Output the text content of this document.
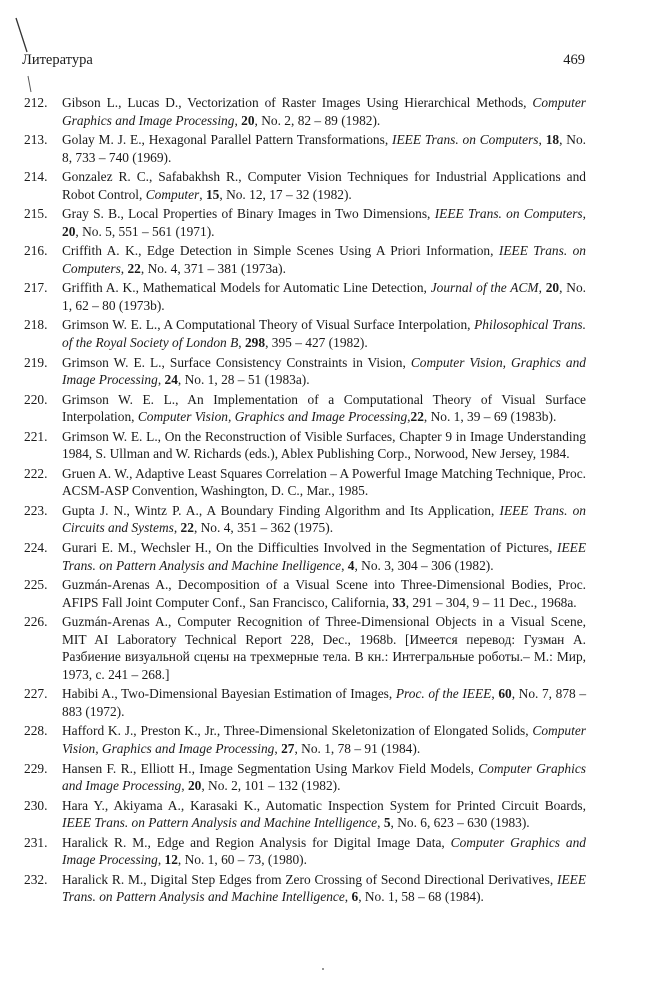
Литература	469
212. Gibson L., Lucas D., Vectorization of Raster Images Using Hierarchical Methods, Computer Graphics and Image Processing, 20, No. 2, 82 – 89 (1982).
213. Golay M. J. E., Hexagonal Parallel Pattern Transformations, IEEE Trans. on Computers, 18, No. 8, 733 – 740 (1969).
214. Gonzalez R. C., Safabakhsh R., Computer Vision Techniques for Industrial Applications and Robot Control, Computer, 15, No. 12, 17 – 32 (1982).
215. Gray S. B., Local Properties of Binary Images in Two Dimensions, IEEE Trans. on Computers, 20, No. 5, 551 – 561 (1971).
216. Criffith A. K., Edge Detection in Simple Scenes Using A Priori Information, IEEE Trans. on Computers, 22, No. 4, 371 – 381 (1973a).
217. Griffith A. K., Mathematical Models for Automatic Line Detection, Journal of the ACM, 20, No. 1, 62 – 80 (1973b).
218. Grimson W. E. L., A Computational Theory of Visual Surface Interpolation, Philosophical Trans. of the Royal Society of London B, 298, 395 – 427 (1982).
219. Grimson W. E. L., Surface Consistency Constraints in Vision, Computer Vision, Graphics and Image Processing, 24, No. 1, 28 – 51 (1983a).
220. Grimson W. E. L., An Implementation of a Computational Theory of Visual Surface Interpolation, Computer Vision, Graphics and Image Processing,22, No. 1, 39 – 69 (1983b).
221. Grimson W. E. L., On the Reconstruction of Visible Surfaces, Chapter 9 in Image Understanding 1984, S. Ullman and W. Richards (eds.), Ablex Publishing Corp., Norwood, New Jersey, 1984.
222. Gruen A. W., Adaptive Least Squares Correlation – A Powerful Image Matching Technique, Proc. ACSM-ASP Convention, Washington, D. C., Mar., 1985.
223. Gupta J. N., Wintz P. A., A Boundary Finding Algorithm and Its Application, IEEE Trans. on Circuits and Systems, 22, No. 4, 351 – 362 (1975).
224. Gurari E. M., Wechsler H., On the Difficulties Involved in the Segmentation of Pictures, IEEE Trans. on Pattern Analysis and Machine Inelligence, 4, No. 3, 304 – 306 (1982).
225. Guzmán-Arenas A., Decomposition of a Visual Scene into Three-Dimensional Bodies, Proc. AFIPS Fall Joint Computer Conf., San Francisco, California, 33, 291 – 304, 9 – 11 Dec., 1968a.
226. Guzmán-Arenas A., Computer Recognition of Three-Dimensional Objects in a Visual Scene, MIT AI Laboratory Technical Report 228, Dec., 1968b. [Имеется перевод: Гузман А. Разбиение визуальной сцены на трехмерные тела. В кн.: Интегральные роботы.– М.: Мир, 1973, с. 241 – 268.]
227. Habibi A., Two-Dimensional Bayesian Estimation of Images, Proc. of the IEEE, 60, No. 7, 878 – 883 (1972).
228. Hafford K. J., Preston K., Jr., Three-Dimensional Skeletonization of Elongated Solids, Computer Vision, Graphics and Image Processing, 27, No. 1, 78 – 91 (1984).
229. Hansen F. R., Elliott H., Image Segmentation Using Markov Field Models, Computer Graphics and Image Processing, 20, No. 2, 101 – 132 (1982).
230. Hara Y., Akiyama A., Karasaki K., Automatic Inspection System for Printed Circuit Boards, IEEE Trans. on Pattern Analysis and Machine Intelligence, 5, No. 6, 623 – 630 (1983).
231. Haralick R. M., Edge and Region Analysis for Digital Image Data, Computer Graphics and Image Processing, 12, No. 1, 60 – 73, (1980).
232. Haralick R. M., Digital Step Edges from Zero Crossing of Second Directional Derivatives, IEEE Trans. on Pattern Analysis and Machine Intelligence, 6, No. 1, 58 – 68 (1984).
